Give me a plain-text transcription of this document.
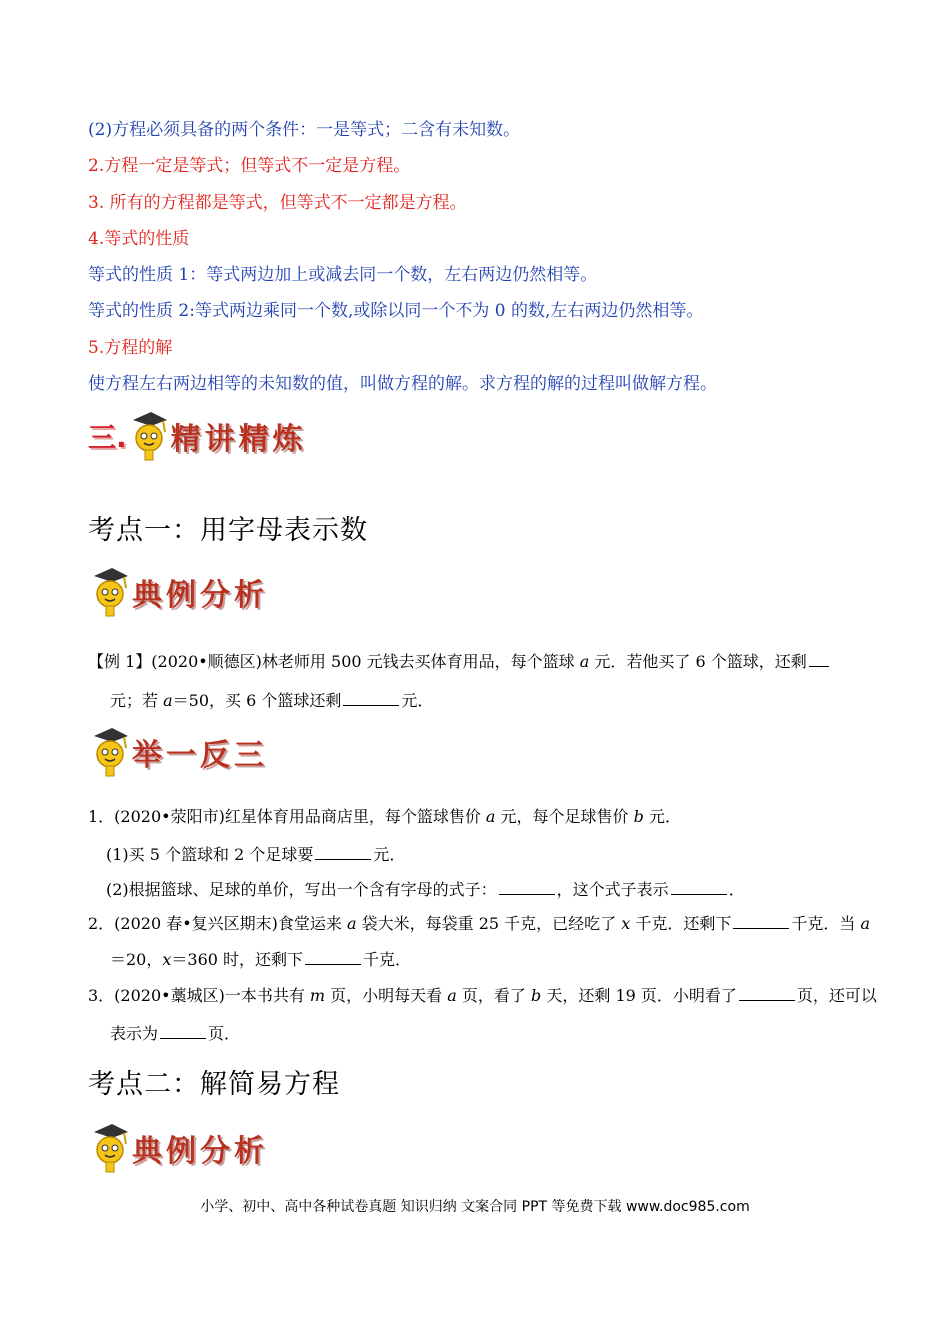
(2)方程必须具备的两个条件：一是等式；二含有未知数。
2.方程一定是等式；但等式不一定是方程。
3. 所有的方程都是等式，但等式不一定都是方程。
4.等式的性质
等式的性质 1：等式两边加上或减去同一个数，左右两边仍然相等。
等式的性质 2:等式两边乘同一个数,或除以同一个不为 0 的数,左右两边仍然相等。
5.方程的解
使方程左右两边相等的未知数的值，叫做方程的解。求方程的解的过程叫做解方程。
三. 精讲精炼
考点一：用字母表示数
典例分析
【例 1】(2020•顺德区)林老师用 500 元钱去买体育用品，每个篮球 a 元．若他买了 6 个篮球，还剩
元；若 a＝50，买 6 个篮球还剩	元．
举一反三
1．(2020•荥阳市)红星体育用品商店里，每个篮球售价 a 元，每个足球售价 b 元．
(1)买 5 个篮球和 2 个足球要	元．
(2)根据篮球、足球的单价，写出一个含有字母的式子：	，这个式子表示	．
2．(2020 春•复兴区期末)食堂运来 a 袋大米，每袋重 25 千克，已经吃了 x 千克．还剩下	千克．当 a
＝20，x＝360 时，还剩下	千克．
3．(2020•藁城区)一本书共有 m 页，小明每天看 a 页，看了 b 天，还剩 19 页．小明看了	页，还可以
表示为	页．
考点二：解简易方程
典例分析
小学、初中、高中各种试卷真题 知识归纳 文案合同 PPT 等免费下载 www.doc985.com
